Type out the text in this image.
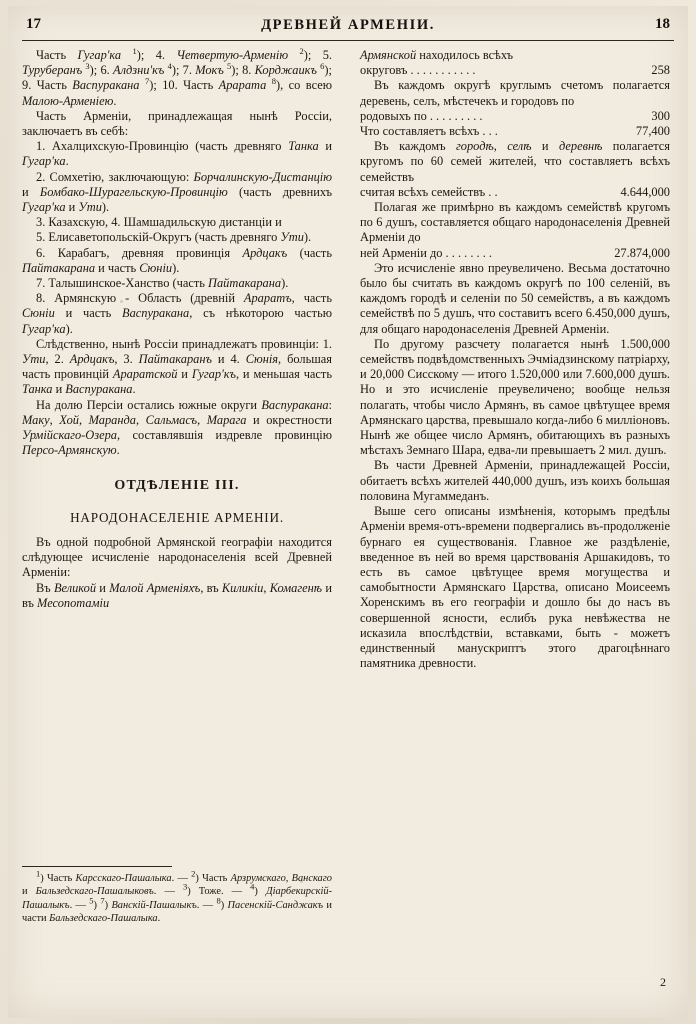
17	ДРЕВНЕЙ АРМЕНІИ.	18

Часть Гугар'ка $^1$); 4. Четвертую-Арменію $^2$); 5. Туруберанъ $^3$); 6. Алдзни'къ $^4$); 7. Мокъ $^5$); 8. Корджаикъ $^6$); 9. Часть Васпуракана $^7$); 10. Часть Арарата $^8$), со всею Малою-Арменіею.

Часть Арменіи, принадлежащая нынѣ Россіи, заключаетъ въ себѣ:

1. Ахалцихскую-Провинцію (часть древняго Танка и Гугар'ка.

2. Сомхетію, заключающую: Борчалинскую-Дистанцію и Бомбако-Шурагельскую-Провинцію (часть древнихъ Гугар'ка и Ути).

3. Казахскую, 4. Шамшадильскую дистанціи и

5. Елисаветопольскій-Округъ (часть древняго Ути).

6. Карабагъ, древняя провинція Ардцакъ (часть Пайтакарана и часть Сюніи).

7. Талышинское-Ханство (часть Пайтакарана).

8. Армянскую - Область (древній Араратъ, часть Сюніи и часть Васпуракана, съ нѣкоторою частью Гугар'ка).

Слѣдственно, нынѣ Россіи принадлежатъ провинціи: 1. Ути, 2. Ардцакъ, 3. Пайтакаранъ и 4. Сюнія, большая часть провинцій Араратской и Гугар'къ, и меньшая часть Танка и Васпуракана.

На долю Персіи остались южные округи Васпуракана: Маку, Хой, Маранда, Сальмасъ, Марага и окрестности Урмійскаго-Озера, составлявшія издревле провинцію Персо-Армянскую.

ОТДѢЛЕНІЕ III.

НАРОДОНАСЕЛЕНІЕ АРМЕНІИ.

Въ одной подробной Армянской географіи находится слѣдующее исчисленіе народонаселенія всей Древней Арменіи:

Въ Великой и Малой Арменіяхъ, въ Киликіи, Комагенѣ и въ Месопотаміи

Армянской находилось всѣхъ

258
округовъ . . . . . . . . . . .

Въ каждомъ округѣ круглымъ счетомъ полагается деревень, селъ, мѣстечекъ и городовъ по

300
родовыхъ по . . . . . . . . .

77,400
Что составляетъ всѣхъ . . .

Въ каждомъ городѣ, селѣ и деревнѣ полагается кругомъ по 60 семей жителей, что составляетъ всѣхъ семействъ

4.644,000
считая всѣхъ семействъ . .

Полагая же примѣрно въ каждомъ семействѣ кругомъ по 6 душъ, составляется общаго народонаселенія Древней Арменіи до

27.874,000
ней Арменіи до . . . . . . . .

Это исчисленіе явно преувеличено. Весьма достаточно было бы считать въ каждомъ округѣ по 100 селеній, въ каждомъ городѣ и селеніи по 50 семействъ, а въ каждомъ семействѣ по 5 душъ, что составитъ всего 6.450,000 душъ, для общаго народонаселенія Древней Арменіи.

По другому разсчету полагается нынѣ 1.500,000 семействъ подвѣдомственныхъ Эчміадзинскому патріарху, и 20,000 Сисскому — итого 1.520,000 или 7.600,000 душъ. Но и это исчисленіе преувеличено; вообще нельзя полагать, чтобы число Армянъ, въ самое цвѣтущее время Армянскаго царства, превышало когда-либо 6 милліоновъ. Нынѣ же общее число Армянъ, обитающихъ въ разныхъ мѣстахъ Земнаго Шара, едва-ли превышаетъ 2 мил. душъ.

Въ части Древней Арменіи, принадлежащей Россіи, обитаетъ всѣхъ жителей 440,000 душъ, изъ коихъ большая половина Мугаммеданъ.

Выше сего описаны измѣненія, которымъ предѣлы Арменіи время-отъ-времени подвергались въ-продолженіе бурнаго ея существованія. Главное же раздѣленіе, введенное въ ней во время царствованія Аршакидовъ, то есть въ самое цвѣтущее время могущества и самобытности Армянскаго Царства, описано Моисеемъ Хоренскимъ въ его географіи и дошло бы до насъ въ совершенной ясности, еслибъ рука невѣжества не исказила впослѣдствіи, вставками, быть - можетъ единственный манускриптъ этого драгоцѣннаго памятника древности.

$^1$) Часть Карсскаго-Пашалыка. — $^2$) Часть Арзрумскаго, Ванскаго и Бальзедскаго-Пашалыковъ. — $^3$) Тоже. — $^4$) Діарбекирскій-Пашалыкъ. — $^5$) $^7$) Ванскій-Пашалыкъ. — $^8$) Пасенскій-Санджакъ и части Бальзедскаго-Пашалыка.
2
